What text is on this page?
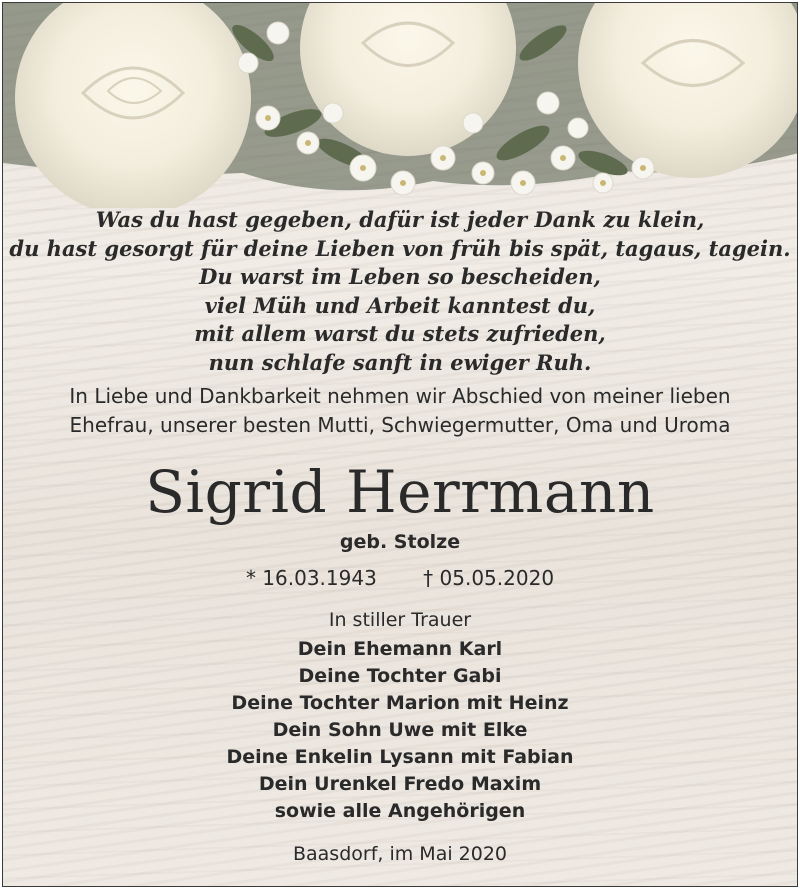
Was du hast gegeben, dafür ist jeder Dank zu klein,
du hast gesorgt für deine Lieben von früh bis spät, tagaus, tagein.
Du warst im Leben so bescheiden,
viel Müh und Arbeit kanntest du,
mit allem warst du stets zufrieden,
nun schlafe sanft in ewiger Ruh.
In Liebe und Dankbarkeit nehmen wir Abschied von meiner lieben
Ehefrau, unserer besten Mutti, Schwiegermutter, Oma und Uroma
Sigrid Herrmann
geb. Stolze
* 16.03.1943 † 05.05.2020
In stiller Trauer
Dein Ehemann Karl
Deine Tochter Gabi
Deine Tochter Marion mit Heinz
Dein Sohn Uwe mit Elke
Deine Enkelin Lysann mit Fabian
Dein Urenkel Fredo Maxim
sowie alle Angehörigen
Baasdorf, im Mai 2020
